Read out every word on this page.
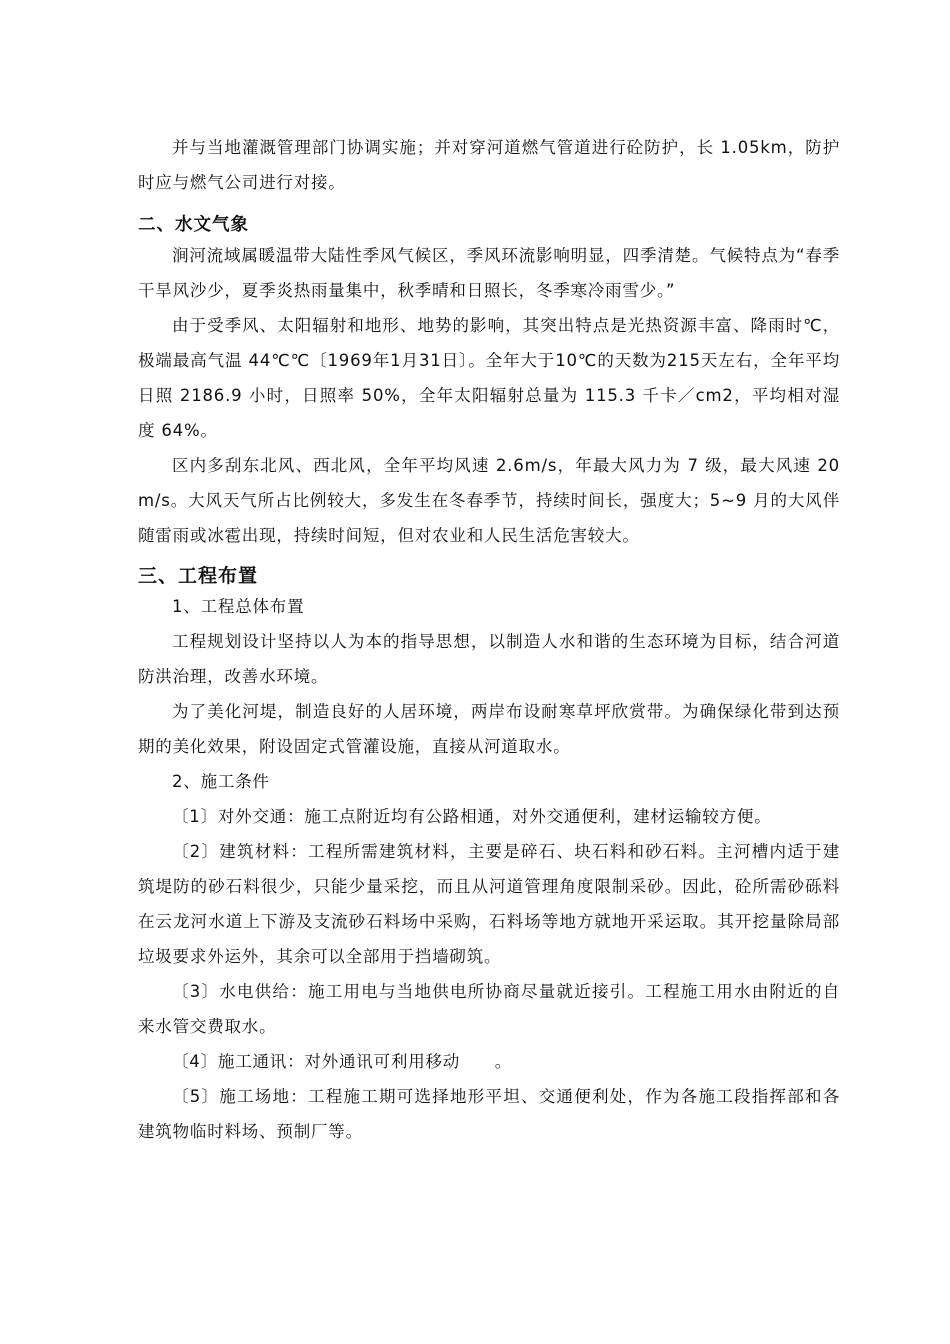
并与当地灌溉管理部门协调实施；并对穿河道燃气管道进行砼防护，长 1.05km，防护时应与燃气公司进行对接。

二、水文气象

涧河流域属暖温带大陆性季风气候区，季风环流影响明显，四季清楚。气候特点为“春季干旱风沙少，夏季炎热雨量集中，秋季晴和日照长，冬季寒冷雨雪少。”

由于受季风、太阳辐射和地形、地势的影响，其突出特点是光热资源丰富、降雨时℃，极端最高气温 44℃℃〔1969年1月31日〕。全年大于10℃的天数为215天左右，全年平均日照 2186.9 小时，日照率 50%，全年太阳辐射总量为 115.3 千卡／cm2，平均相对湿度 64%。

区内多刮东北风、西北风，全年平均风速 2.6m/s，年最大风力为 7 级，最大风速 20m/s。大风天气所占比例较大，多发生在冬春季节，持续时间长，强度大；5~9 月的大风伴随雷雨或冰雹出现，持续时间短，但对农业和人民生活危害较大。

三、工程布置

1、工程总体布置

工程规划设计坚持以人为本的指导思想，以制造人水和谐的生态环境为目标，结合河道防洪治理，改善水环境。

为了美化河堤，制造良好的人居环境，两岸布设耐寒草坪欣赏带。为确保绿化带到达预期的美化效果，附设固定式管灌设施，直接从河道取水。

2、施工条件

〔1〕对外交通：施工点附近均有公路相通，对外交通便利，建材运输较方便。

〔2〕建筑材料：工程所需建筑材料，主要是碎石、块石料和砂石料。主河槽内适于建筑堤防的砂石料很少，只能少量采挖，而且从河道管理角度限制采砂。因此，砼所需砂砾料在云龙河水道上下游及支流砂石料场中采购，石料场等地方就地开采运取。其开挖量除局部垃圾要求外运外，其余可以全部用于挡墙砌筑。

〔3〕水电供给：施工用电与当地供电所协商尽量就近接引。工程施工用水由附近的自来水管交费取水。

〔4〕施工通讯：对外通讯可利用移动　　。

〔5〕施工场地：工程施工期可选择地形平坦、交通便利处，作为各施工段指挥部和各建筑物临时料场、预制厂等。
